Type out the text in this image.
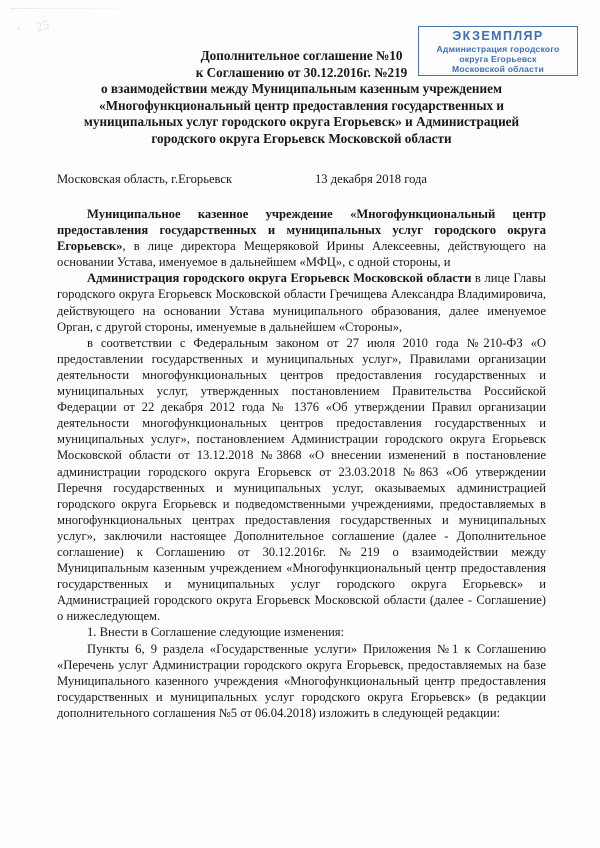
25
ЭКЗЕМПЛЯР
Администрация городского
округа Егорьевск
Московской области
Дополнительное соглашение №10
к Соглашению от 30.12.2016г. №219
о взаимодействии между Муниципальным казенным учреждением «Многофункциональный центр предоставления государственных и муниципальных услуг городского округа Егорьевск» и Администрацией городского округа Егорьевск Московской области
Московская область, г.Егорьевск	13 декабря 2018 года

Муниципальное казенное учреждение «Многофункциональный центр предоставления государственных и муниципальных услуг городского округа Егорьевск», в лице директора Мещеряковой Ирины Алексеевны, действующего на основании Устава, именуемое в дальнейшем «МФЦ», с одной стороны, и

Администрация городского округа Егорьевск Московской области в лице Главы городского округа Егорьевск Московской области Гречищева Александра Владимировича, действующего на основании Устава муниципального образования, далее именуемое Орган, с другой стороны, именуемые в дальнейшем «Стороны»,

в соответствии с Федеральным законом от 27 июля 2010 года №210-ФЗ «О предоставлении государственных и муниципальных услуг», Правилами организации деятельности многофункциональных центров предоставления государственных и муниципальных услуг, утвержденных постановлением Правительства Российской Федерации от 22 декабря 2012 года № 1376 «Об утверждении Правил организации деятельности многофункциональных центров предоставления государственных и муниципальных услуг», постановлением Администрации городского округа Егорьевск Московской области от 13.12.2018 №3868 «О внесении изменений в постановление администрации городского округа Егорьевск от 23.03.2018 №863 «Об утверждении Перечня государственных и муниципальных услуг, оказываемых администрацией городского округа Егорьевск и подведомственными учреждениями, предоставляемых в многофункциональных центрах предоставления государственных и муниципальных услуг», заключили настоящее Дополнительное соглашение (далее - Дополнительное соглашение) к Соглашению от 30.12.2016г. №219 о взаимодействии между Муниципальным казенным учреждением «Многофункциональный центр предоставления государственных и муниципальных услуг городского округа Егорьевск» и Администрацией городского округа Егорьевск Московской области (далее - Соглашение) о нижеследующем.

1. Внести в Соглашение следующие изменения:

Пункты 6, 9 раздела «Государственные услуги» Приложения №1 к Соглашению «Перечень услуг Администрации городского округа Егорьевск, предоставляемых на базе Муниципального казенного учреждения «Многофункциональный центр предоставления государственных и муниципальных услуг городского округа Егорьевск» (в редакции дополнительного соглашения №5 от 06.04.2018) изложить в следующей редакции:
